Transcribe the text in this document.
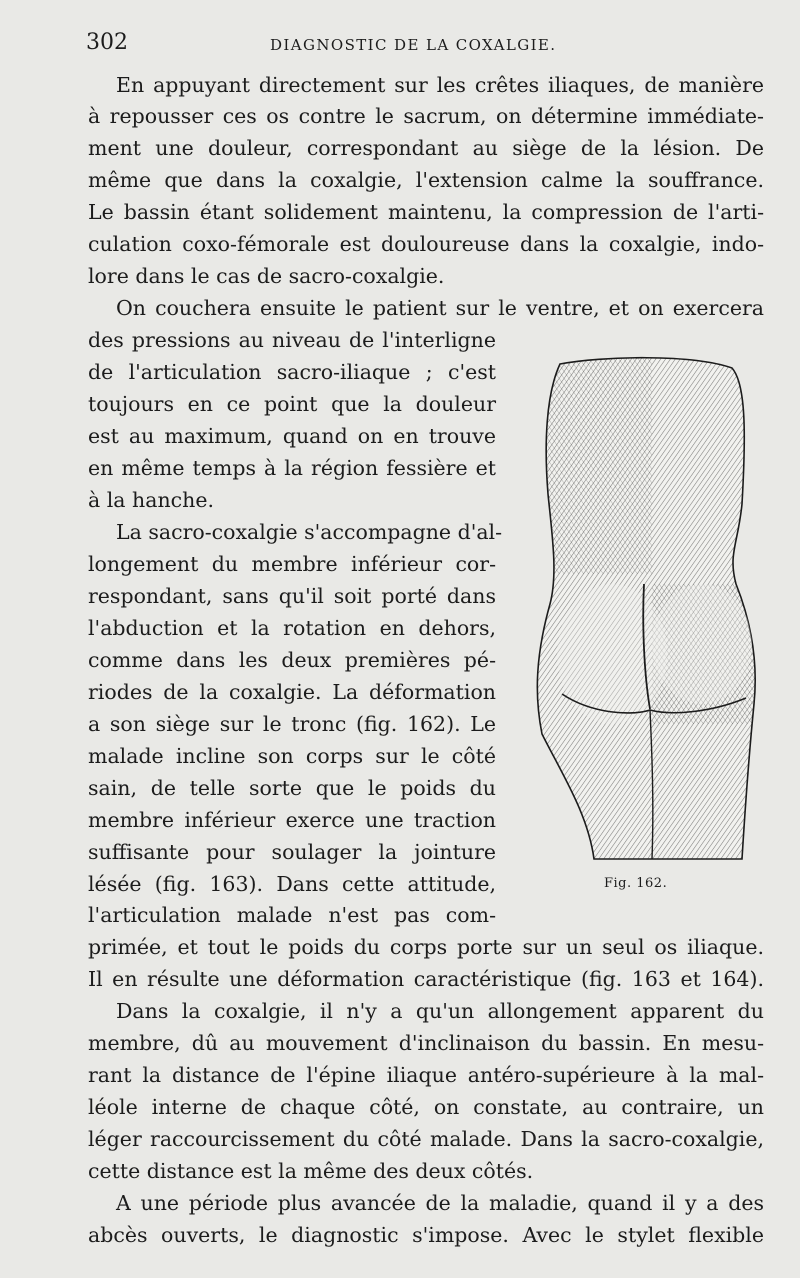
302	DIAGNOSTIC DE LA COXALGIE.
En appuyant directement sur les crêtes iliaques, de manière
à repousser ces os contre le sacrum, on détermine immédiate-
ment une douleur, correspondant au siège de la lésion. De
même que dans la coxalgie, l'extension calme la souffrance.
Le bassin étant solidement maintenu, la compression de l'arti-
culation coxo-fémorale est douloureuse dans la coxalgie, indo-
lore dans le cas de sacro-coxalgie.
On couchera ensuite le patient sur le ventre, et on exercera
des pressions au niveau de l'interligne
de l'articulation sacro-iliaque ; c'est
toujours en ce point que la douleur
est au maximum, quand on en trouve
en même temps à la région fessière et
à la hanche.
La sacro-coxalgie s'accompagne d'al-
longement du membre inférieur cor-
respondant, sans qu'il soit porté dans
l'abduction et la rotation en dehors,
comme dans les deux premières pé-
riodes de la coxalgie. La déformation
a son siège sur le tronc (fig. 162). Le
malade incline son corps sur le côté
sain, de telle sorte que le poids du
membre inférieur exerce une traction
suffisante pour soulager la jointure
lésée (fig. 163). Dans cette attitude,
l'articulation malade n'est pas com-
primée, et tout le poids du corps porte sur un seul os iliaque.
Il en résulte une déformation caractéristique (fig. 163 et 164).
Dans la coxalgie, il n'y a qu'un allongement apparent du
membre, dû au mouvement d'inclinaison du bassin. En mesu-
rant la distance de l'épine iliaque antéro-supérieure à la mal-
léole interne de chaque côté, on constate, au contraire, un
léger raccourcissement du côté malade. Dans la sacro-coxalgie,
cette distance est la même des deux côtés.
A une période plus avancée de la maladie, quand il y a des
abcès ouverts, le diagnostic s'impose. Avec le stylet flexible
Fig. 162.
